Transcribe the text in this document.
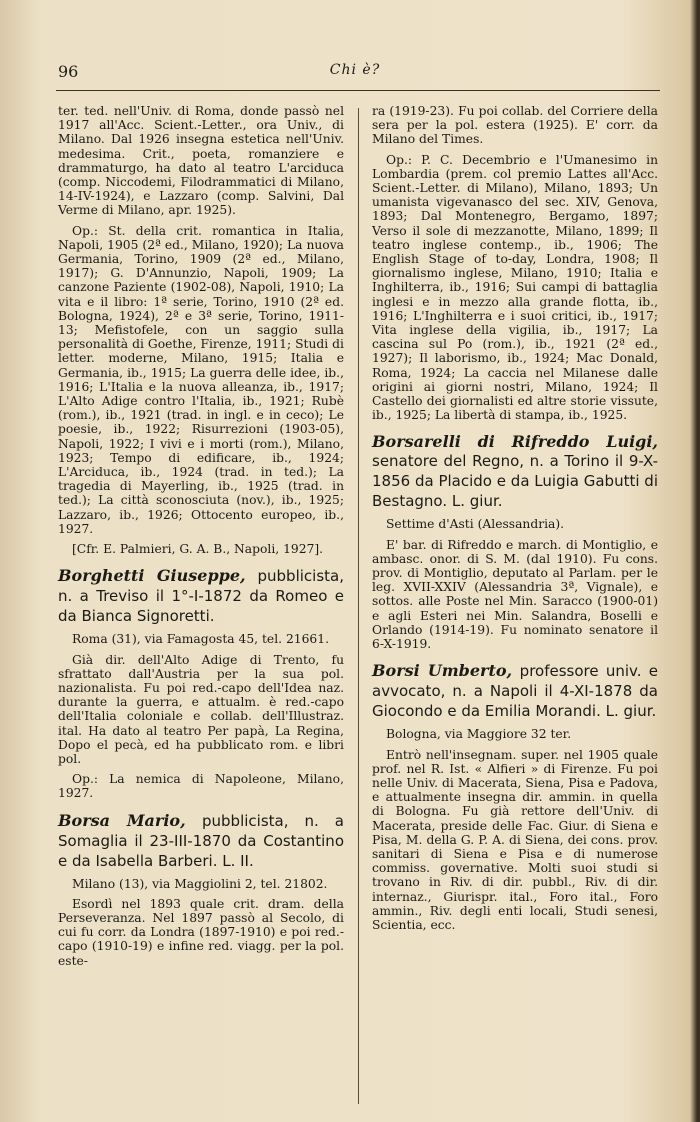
96	Chi è?

ter. ted. nell'Univ. di Roma, donde passò nel 1917 all'Acc. Scient.-Letter., ora Univ., di Milano. Dal 1926 insegna estetica nell'Univ. medesima. Crit., poeta, romanziere e drammaturgo, ha dato al teatro L'arciduca (comp. Niccodemi, Filodrammatici di Milano, 14-IV-1924), e Lazzaro (comp. Salvini, Dal Verme di Milano, apr. 1925).

Op.: St. della crit. romantica in Italia, Napoli, 1905 (2ª ed., Milano, 1920); La nuova Germania, Torino, 1909 (2ª ed., Milano, 1917); G. D'Annunzio, Napoli, 1909; La canzone Paziente (1902-08), Napoli, 1910; La vita e il libro: 1ª serie, Torino, 1910 (2ª ed. Bologna, 1924), 2ª e 3ª serie, Torino, 1911-13; Mefistofele, con un saggio sulla personalità di Goethe, Firenze, 1911; Studi di letter. moderne, Milano, 1915; Italia e Germania, ib., 1915; La guerra delle idee, ib., 1916; L'Italia e la nuova alleanza, ib., 1917; L'Alto Adige contro l'Italia, ib., 1921; Rubè (rom.), ib., 1921 (trad. in ingl. e in ceco); Le poesie, ib., 1922; Risurrezioni (1903-05), Napoli, 1922; I vivi e i morti (rom.), Milano, 1923; Tempo di edificare, ib., 1924; L'Arciduca, ib., 1924 (trad. in ted.); La tragedia di Mayerling, ib., 1925 (trad. in ted.); La città sconosciuta (nov.), ib., 1925; Lazzaro, ib., 1926; Ottocento europeo, ib., 1927.

[Cfr. E. Palmieri, G. A. B., Napoli, 1927].

Borghetti Giuseppe, pubblicista, n. a Treviso il 1°-I-1872 da Romeo e da Bianca Signoretti.

Roma (31), via Famagosta 45, tel. 21661.

Già dir. dell'Alto Adige di Trento, fu sfrattato dall'Austria per la sua pol. nazionalista. Fu poi red.-capo dell'Idea naz. durante la guerra, e attualm. è red.-capo dell'Italia coloniale e collab. dell'Illustraz. ital. Ha dato al teatro Per papà, La Regina, Dopo el pecà, ed ha pubblicato rom. e libri pol.

Op.: La nemica di Napoleone, Milano, 1927.

Borsa Mario, pubblicista, n. a Somaglia il 23-III-1870 da Costantino e da Isabella Barberi. L. II.

Milano (13), via Maggiolini 2, tel. 21802.

Esordì nel 1893 quale crit. dram. della Perseveranza. Nel 1897 passò al Secolo, di cui fu corr. da Londra (1897-1910) e poi red.-capo (1910-19) e infine red. viagg. per la pol. este-

ra (1919-23). Fu poi collab. del Corriere della sera per la pol. estera (1925). E' corr. da Milano del Times.

Op.: P. C. Decembrio e l'Umanesimo in Lombardia (prem. col premio Lattes all'Acc. Scient.-Letter. di Milano), Milano, 1893; Un umanista vigevanasco del sec. XIV, Genova, 1893; Dal Montenegro, Bergamo, 1897; Verso il sole di mezzanotte, Milano, 1899; Il teatro inglese contemp., ib., 1906; The English Stage of to-day, Londra, 1908; Il giornalismo inglese, Milano, 1910; Italia e Inghilterra, ib., 1916; Sui campi di battaglia inglesi e in mezzo alla grande flotta, ib., 1916; L'Inghilterra e i suoi critici, ib., 1917; Vita inglese della vigilia, ib., 1917; La cascina sul Po (rom.), ib., 1921 (2ª ed., 1927); Il laborismo, ib., 1924; Mac Donald, Roma, 1924; La caccia nel Milanese dalle origini ai giorni nostri, Milano, 1924; Il Castello dei giornalisti ed altre storie vissute, ib., 1925; La libertà di stampa, ib., 1925.

Borsarelli di Rifreddo Luigi, senatore del Regno, n. a Torino il 9-X-1856 da Placido e da Luigia Gabutti di Bestagno. L. giur.

Settime d'Asti (Alessandria).

E' bar. di Rifreddo e march. di Montiglio, e ambasc. onor. di S. M. (dal 1910). Fu cons. prov. di Montiglio, deputato al Parlam. per le leg. XVII-XXIV (Alessandria 3ª, Vignale), e sottos. alle Poste nel Min. Saracco (1900-01) e agli Esteri nei Min. Salandra, Boselli e Orlando (1914-19). Fu nominato senatore il 6-X-1919.

Borsi Umberto, professore univ. e avvocato, n. a Napoli il 4-XI-1878 da Giocondo e da Emilia Morandi. L. giur.

Bologna, via Maggiore 32 ter.

Entrò nell'insegnam. super. nel 1905 quale prof. nel R. Ist. « Alfieri » di Firenze. Fu poi nelle Univ. di Macerata, Siena, Pisa e Padova, e attualmente insegna dir. ammin. in quella di Bologna. Fu già rettore dell'Univ. di Macerata, preside delle Fac. Giur. di Siena e Pisa, M. della G. P. A. di Siena, dei cons. prov. sanitari di Siena e Pisa e di numerose commiss. governative. Molti suoi studi si trovano in Riv. di dir. pubbl., Riv. di dir. internaz., Giurispr. ital., Foro ital., Foro ammin., Riv. degli enti locali, Studi senesi, Scientia, ecc.
